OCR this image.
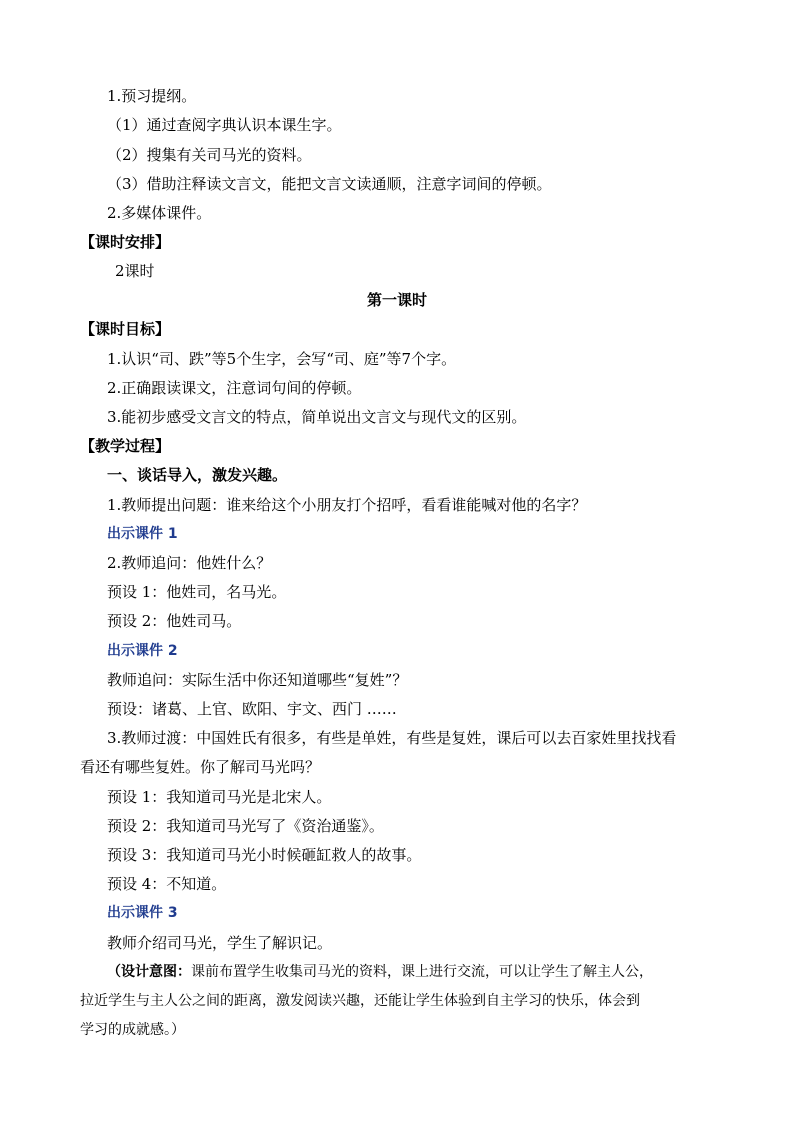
1.预习提纲。
（1）通过查阅字典认识本课生字。
（2）搜集有关司马光的资料。
（3）借助注释读文言文，能把文言文读通顺，注意字词间的停顿。
2.多媒体课件。
【课时安排】
2课时
第一课时
【课时目标】
1.认识“司、跌”等5个生字，会写“司、庭”等7个字。
2.正确跟读课文，注意词句间的停顿。
3.能初步感受文言文的特点，简单说出文言文与现代文的区别。
【教学过程】
一、谈话导入，激发兴趣。
1.教师提出问题：谁来给这个小朋友打个招呼，看看谁能喊对他的名字？
出示课件 1
2.教师追问：他姓什么？
预设 1：他姓司，名马光。
预设 2：他姓司马。
出示课件 2
教师追问：实际生活中你还知道哪些“复姓”？
预设：诸葛、上官、欧阳、宇文、西门 ……
3.教师过渡：中国姓氏有很多，有些是单姓，有些是复姓，课后可以去百家姓里找找看
看还有哪些复姓。你了解司马光吗？
预设 1：我知道司马光是北宋人。
预设 2：我知道司马光写了《资治通鉴》。
预设 3：我知道司马光小时候砸缸救人的故事。
预设 4：不知道。
出示课件 3
教师介绍司马光，学生了解识记。
（设计意图：课前布置学生收集司马光的资料，课上进行交流，可以让学生了解主人公，
拉近学生与主人公之间的距离，激发阅读兴趣，还能让学生体验到自主学习的快乐，体会到
学习的成就感。）
